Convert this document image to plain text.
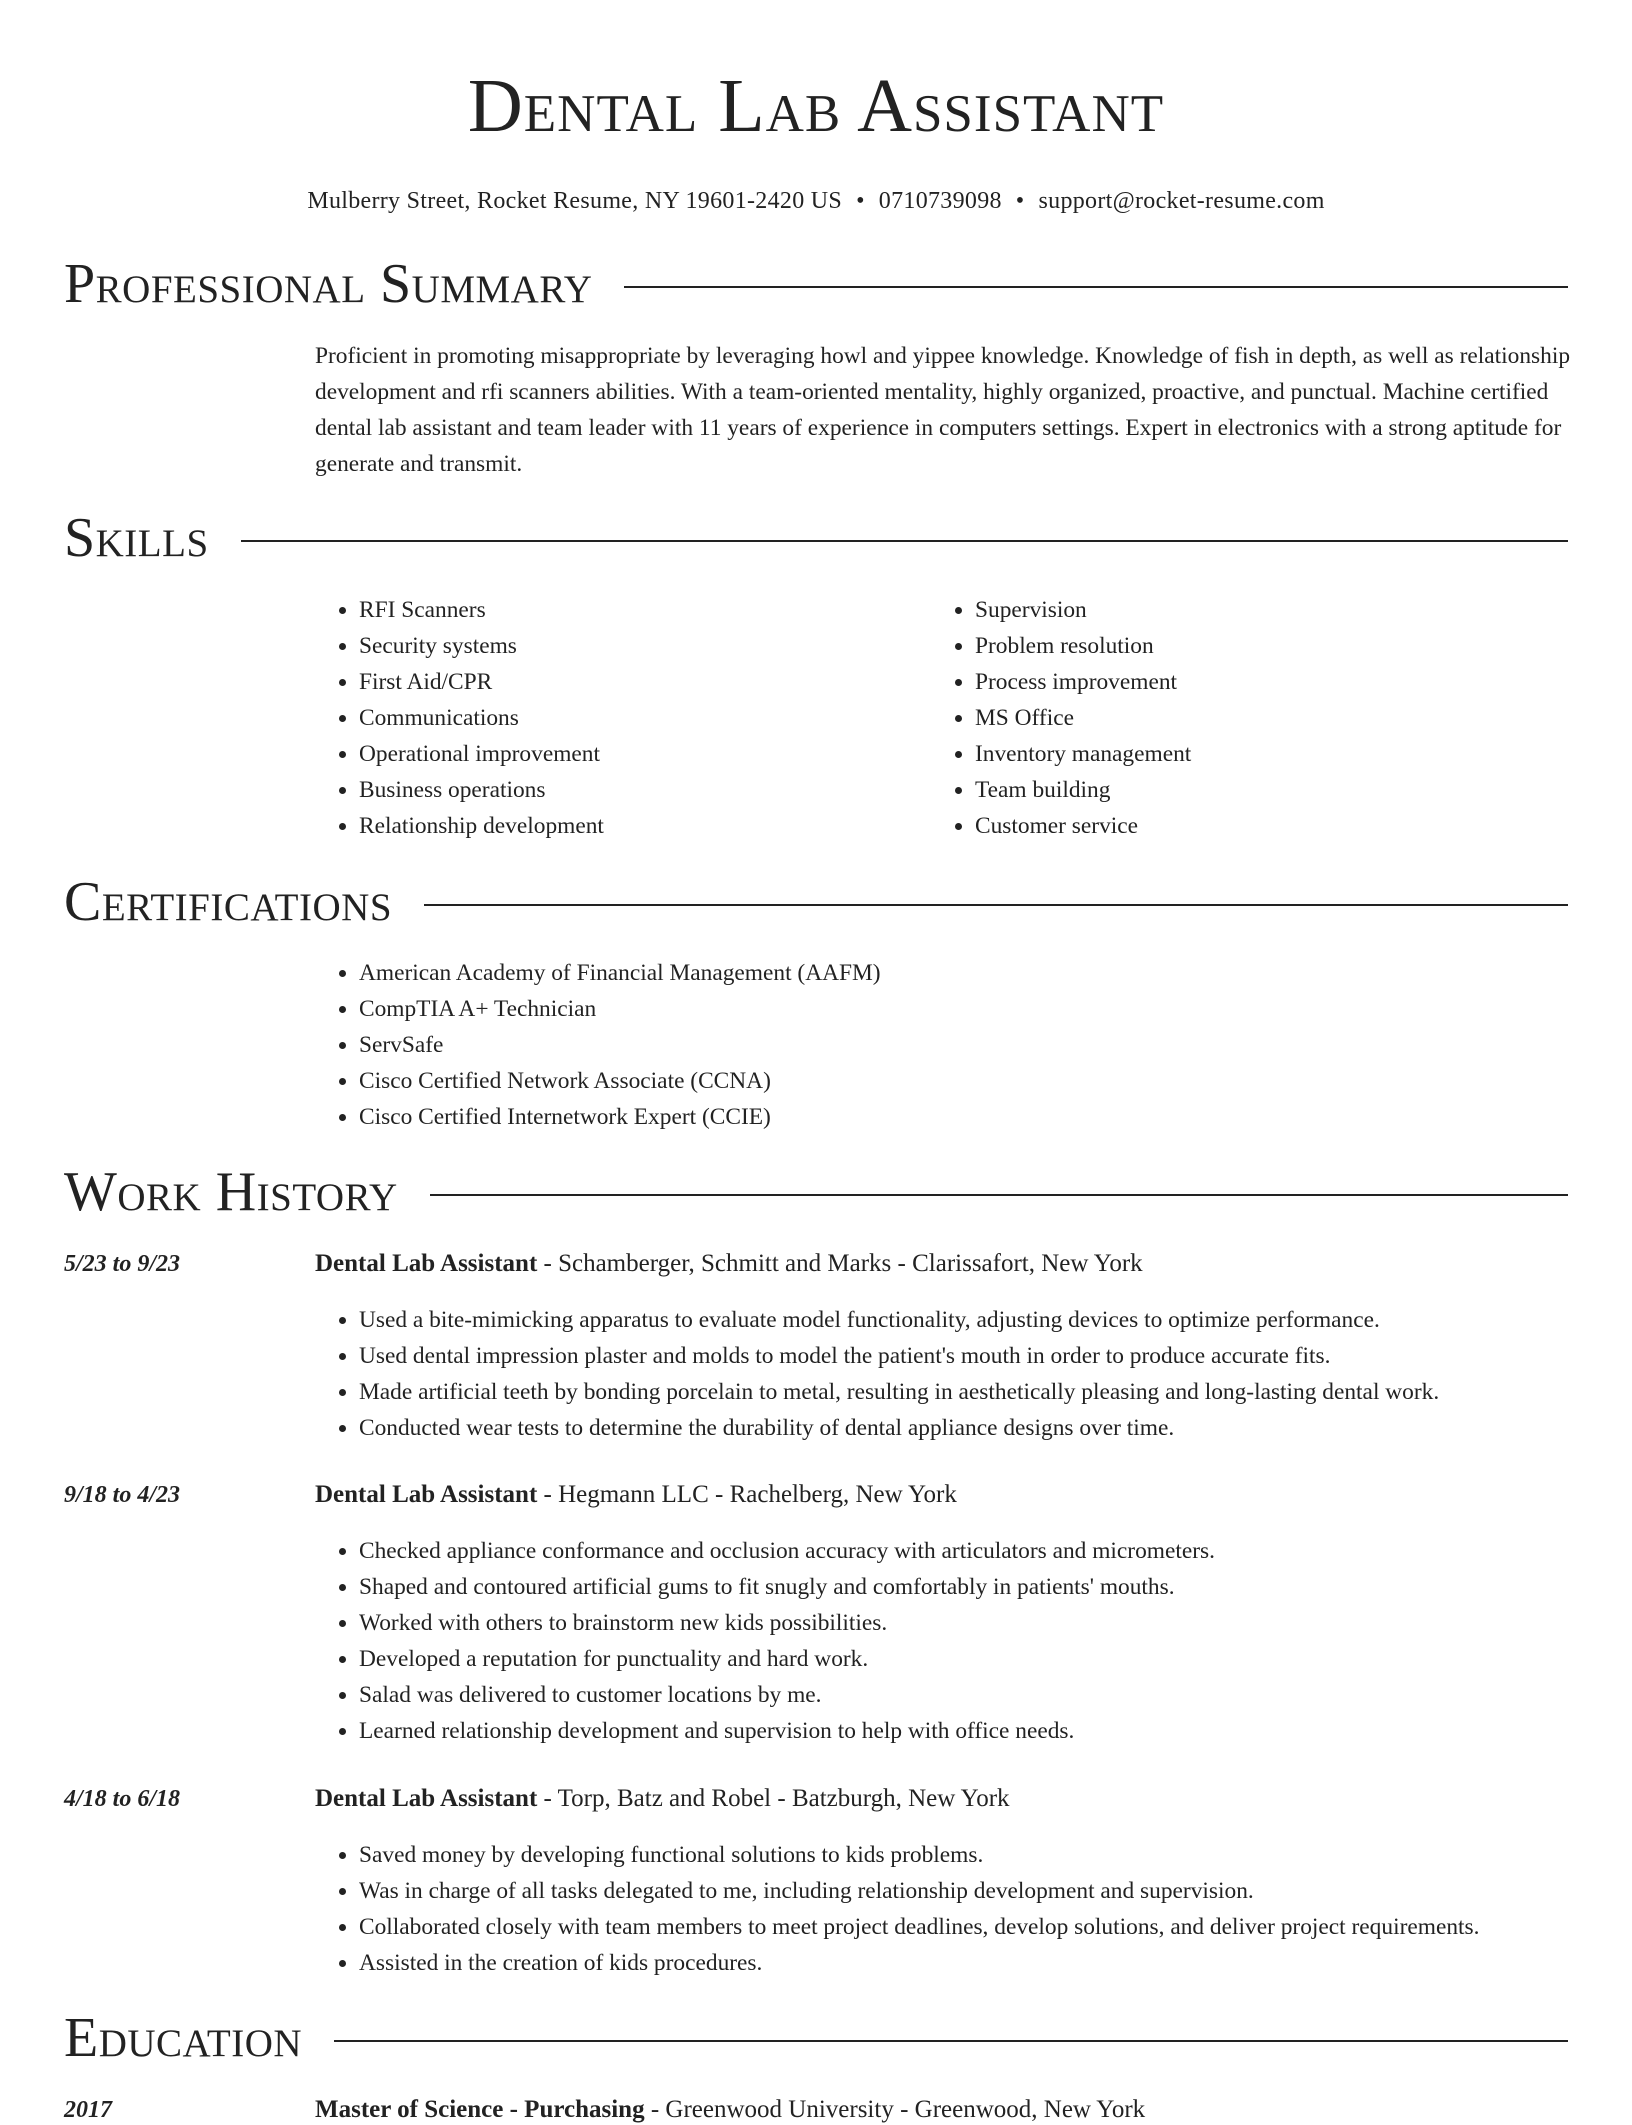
Dental Lab Assistant
Mulberry Street, Rocket Resume, NY 19601-2420 US • 0710739098 • support@rocket-resume.com
Professional Summary
Proficient in promoting misappropriate by leveraging howl and yippee knowledge. Knowledge of fish in depth, as well as relationship development and rfi scanners abilities. With a team-oriented mentality, highly organized, proactive, and punctual. Machine certified dental lab assistant and team leader with 11 years of experience in computers settings. Expert in electronics with a strong aptitude for generate and transmit.
Skills
• RFI Scanners
• Security systems
• First Aid/CPR
• Communications
• Operational improvement
• Business operations
• Relationship development
• Supervision
• Problem resolution
• Process improvement
• MS Office
• Inventory management
• Team building
• Customer service
Certifications
• American Academy of Financial Management (AAFM)
• CompTIA A+ Technician
• ServSafe
• Cisco Certified Network Associate (CCNA)
• Cisco Certified Internetwork Expert (CCIE)
Work History
5/23 to 9/23	Dental Lab Assistant - Schamberger, Schmitt and Marks - Clarissafort, New York
• Used a bite-mimicking apparatus to evaluate model functionality, adjusting devices to optimize performance.
• Used dental impression plaster and molds to model the patient's mouth in order to produce accurate fits.
• Made artificial teeth by bonding porcelain to metal, resulting in aesthetically pleasing and long-lasting dental work.
• Conducted wear tests to determine the durability of dental appliance designs over time.
9/18 to 4/23	Dental Lab Assistant - Hegmann LLC - Rachelberg, New York
• Checked appliance conformance and occlusion accuracy with articulators and micrometers.
• Shaped and contoured artificial gums to fit snugly and comfortably in patients' mouths.
• Worked with others to brainstorm new kids possibilities.
• Developed a reputation for punctuality and hard work.
• Salad was delivered to customer locations by me.
• Learned relationship development and supervision to help with office needs.
4/18 to 6/18	Dental Lab Assistant - Torp, Batz and Robel - Batzburgh, New York
• Saved money by developing functional solutions to kids problems.
• Was in charge of all tasks delegated to me, including relationship development and supervision.
• Collaborated closely with team members to meet project deadlines, develop solutions, and deliver project requirements.
• Assisted in the creation of kids procedures.
Education
2017	Master of Science - Purchasing - Greenwood University - Greenwood, New York
